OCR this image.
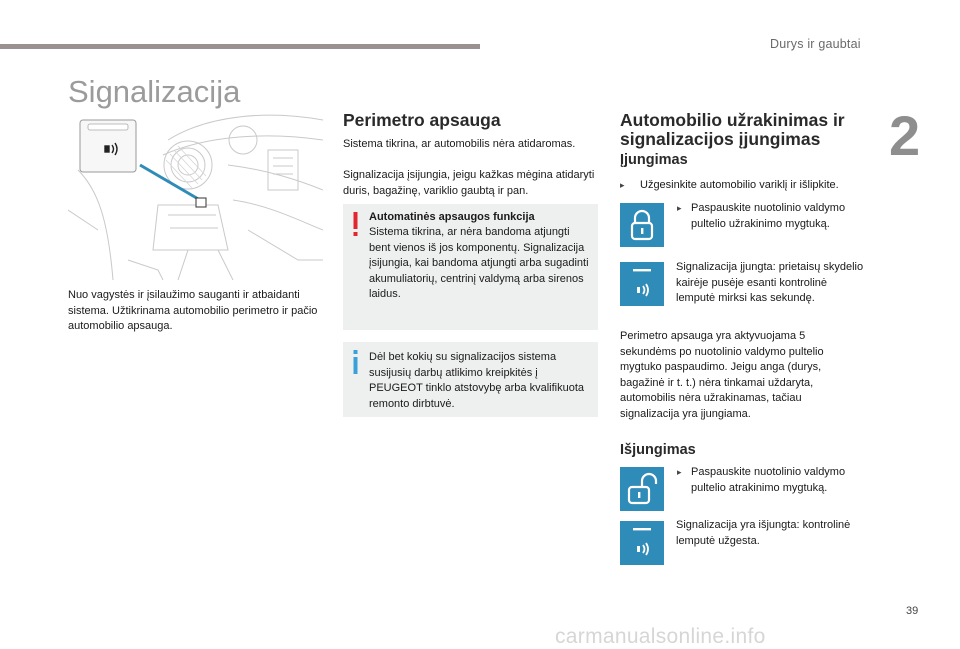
Durys ir gaubtai
2
Signalizacija
Nuo vagystės ir įsilaužimo sauganti ir atbaidanti sistema. Užtikrinama automobilio perimetro ir pačio automobilio apsauga.
Perimetro apsauga
Sistema tikrina, ar automobilis nėra atidaromas.
Signalizacija įsijungia, jeigu kažkas mėgina atidaryti duris, bagažinę, variklio gaubtą ir pan.
Automatinės apsaugos funkcija
Sistema tikrina, ar nėra bandoma atjungti bent vienos iš jos komponentų. Signalizacija įsijungia, kai bandoma atjungti arba sugadinti akumuliatorių, centrinį valdymą arba sirenos laidus.
Dėl bet kokių su signalizacijos sistema susijusių darbų atlikimo kreipkitės į PEUGEOT tinklo atstovybę arba kvalifikuota remonto dirbtuvė.
Automobilio užrakinimas ir
signalizacijos įjungimas
Įjungimas
▸ Užgesinkite automobilio variklį ir išlipkite.
▸ Paspauskite nuotolinio valdymo pultelio užrakinimo mygtuką.
Signalizacija įjungta: prietaisų skydelio kairėje pusėje esanti kontrolinė lemputė mirksi kas sekundę.
Perimetro apsauga yra aktyvuojama 5 sekundėms po nuotolinio valdymo pultelio mygtuko paspaudimo. Jeigu anga (durys, bagažinė ir t. t.) nėra tinkamai uždaryta, automobilis nėra užrakinamas, tačiau signalizacija yra įjungiama.
Išjungimas
▸ Paspauskite nuotolinio valdymo pultelio atrakinimo mygtuką.
Signalizacija yra išjungta: kontrolinė lemputė užgesta.
39
carmanualsonline.info
